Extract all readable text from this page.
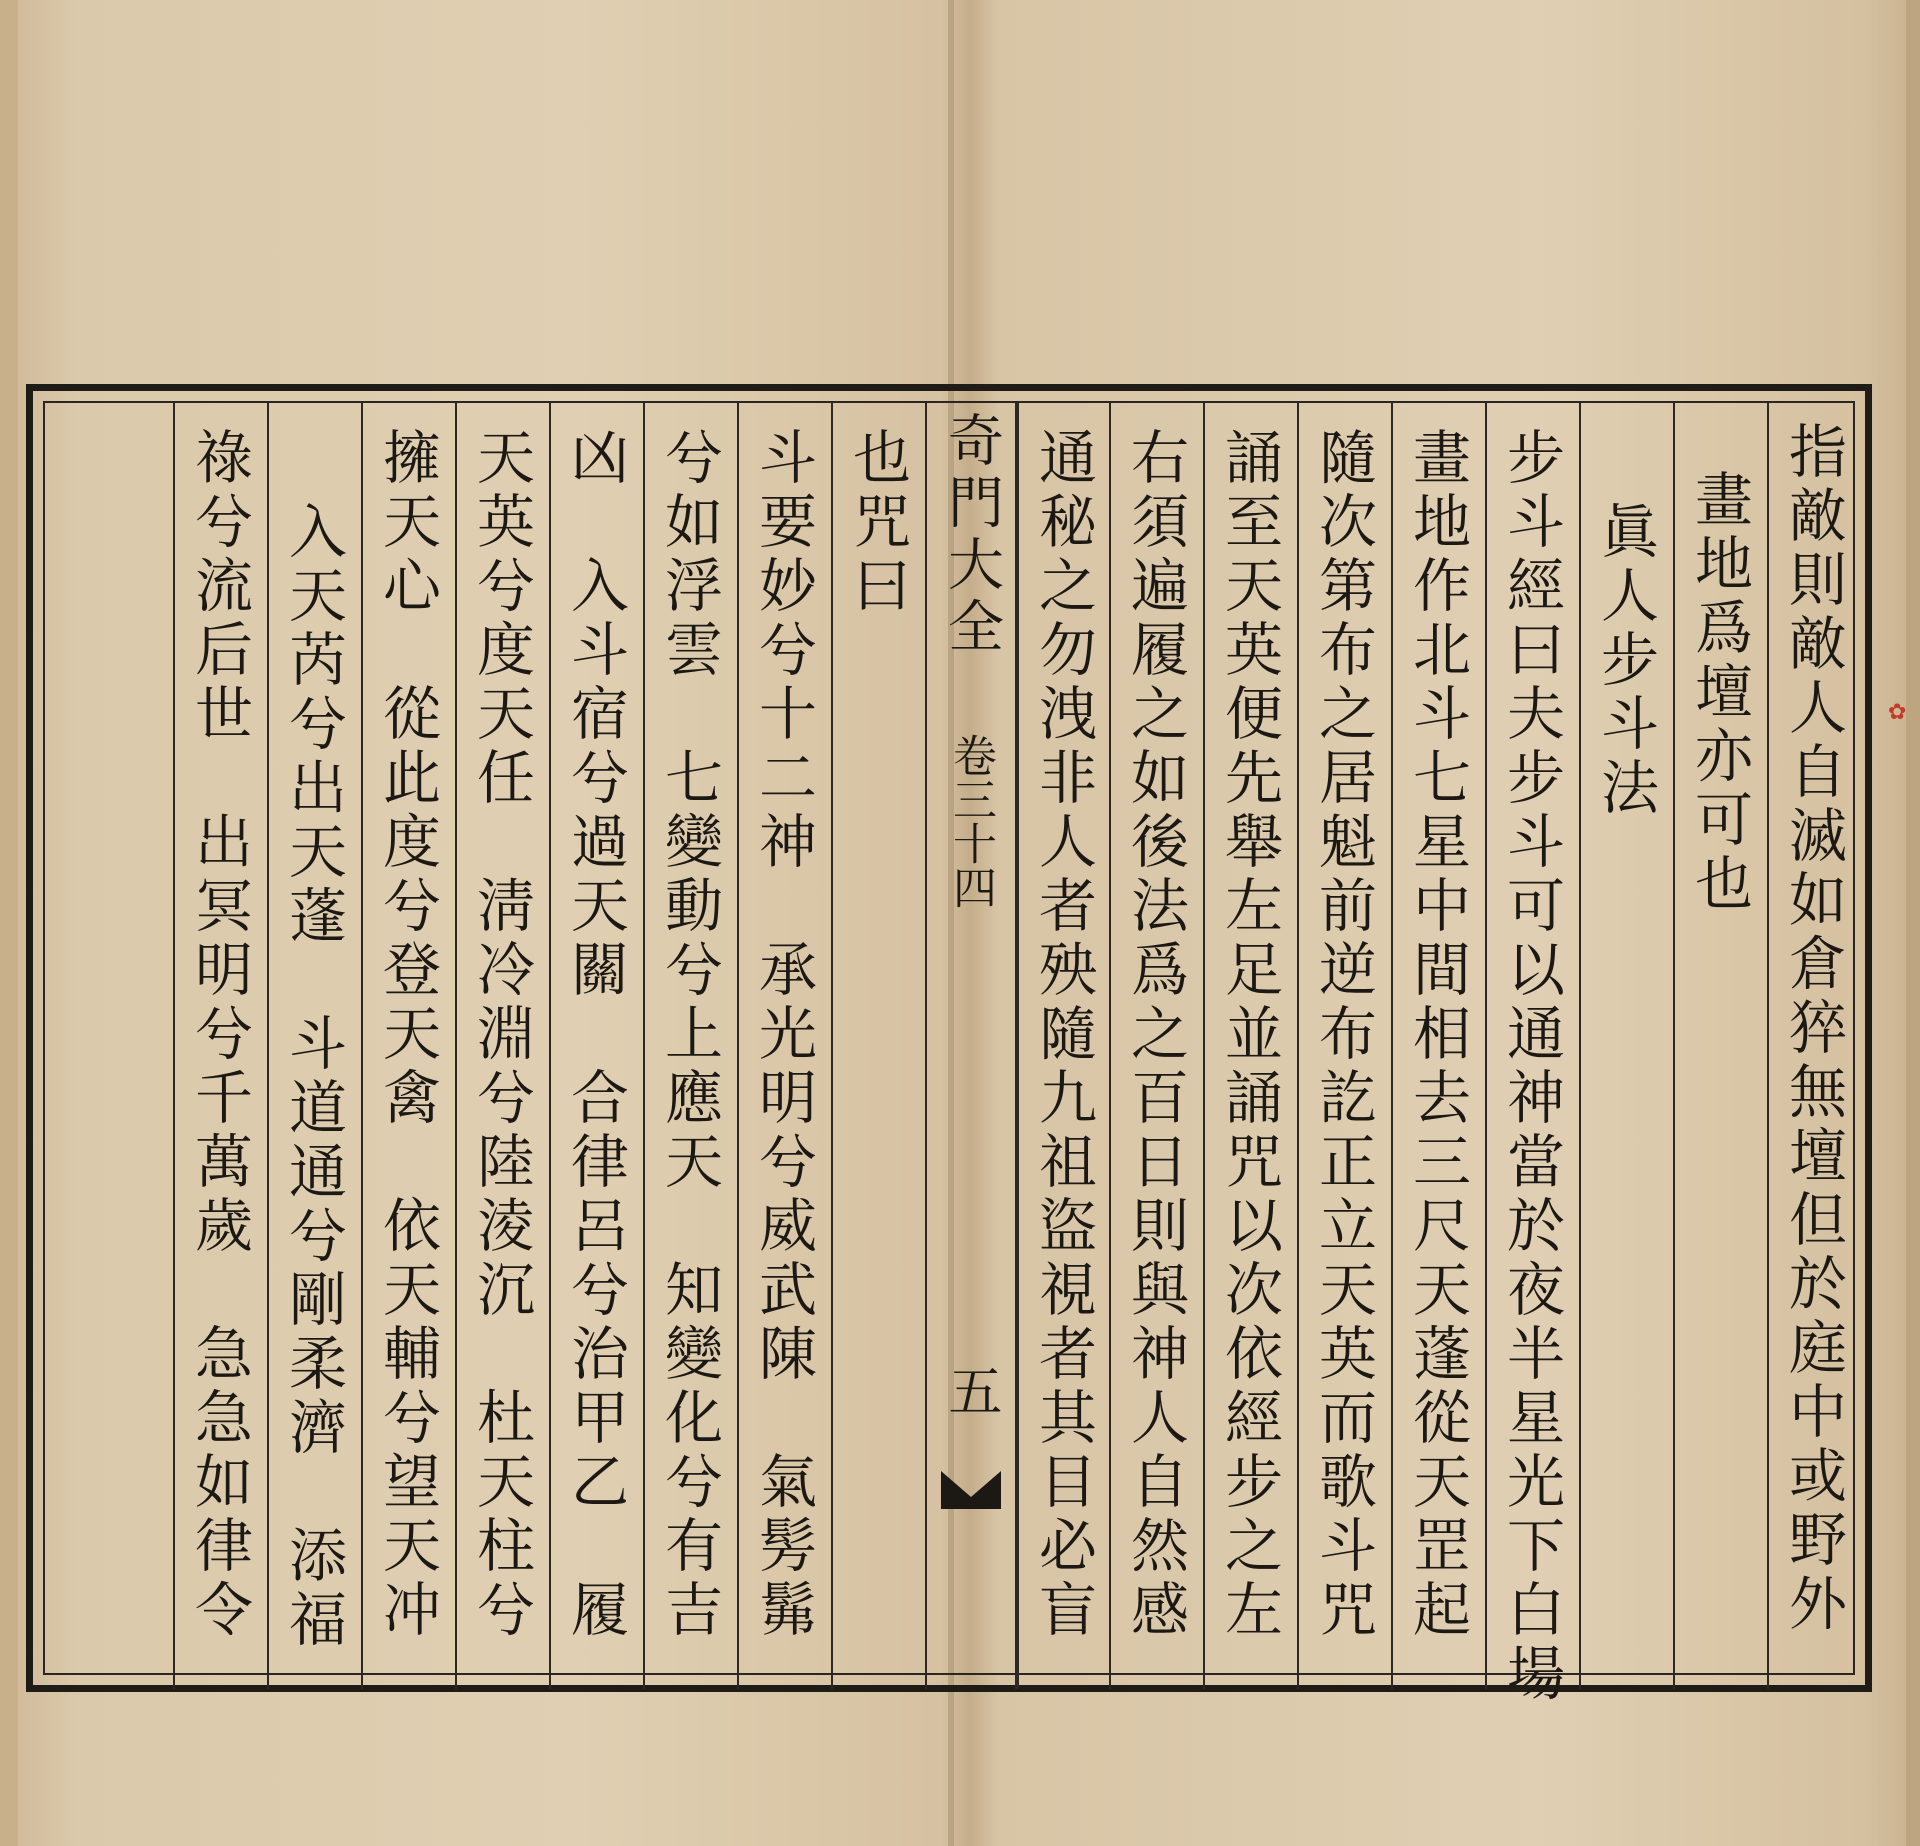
✿
指敵則敵人自滅如倉猝無壇但於庭中或野外
畫地爲壇亦可也
眞人步斗法
步斗經曰夫步斗可以通神當於夜半星光下白場
畫地作北斗七星中間相去三尺天蓬從天罡起
隨次第布之居魁前逆布訖正立天英而歌斗咒
誦至天英便先舉左足並誦咒以次依經步之左
右須遍履之如後法爲之百日則與神人自然感
通秘之勿洩非人者殃隨九祖盜視者其目必盲
奇門大全
卷三十四
五
也咒曰
斗要妙兮十二神　承光明兮威武陳　氣髣髴
兮如浮雲　七變動兮上應天　知變化兮有吉
凶　入斗宿兮過天關　合律呂兮治甲乙　履
天英兮度天任　淸冷淵兮陸淩沉　杜天柱兮
擁天心　從此度兮登天禽　依天輔兮望天冲
入天芮兮出天蓬　斗道通兮剛柔濟　添福
祿兮流后世　出冥明兮千萬歲　急急如律令
